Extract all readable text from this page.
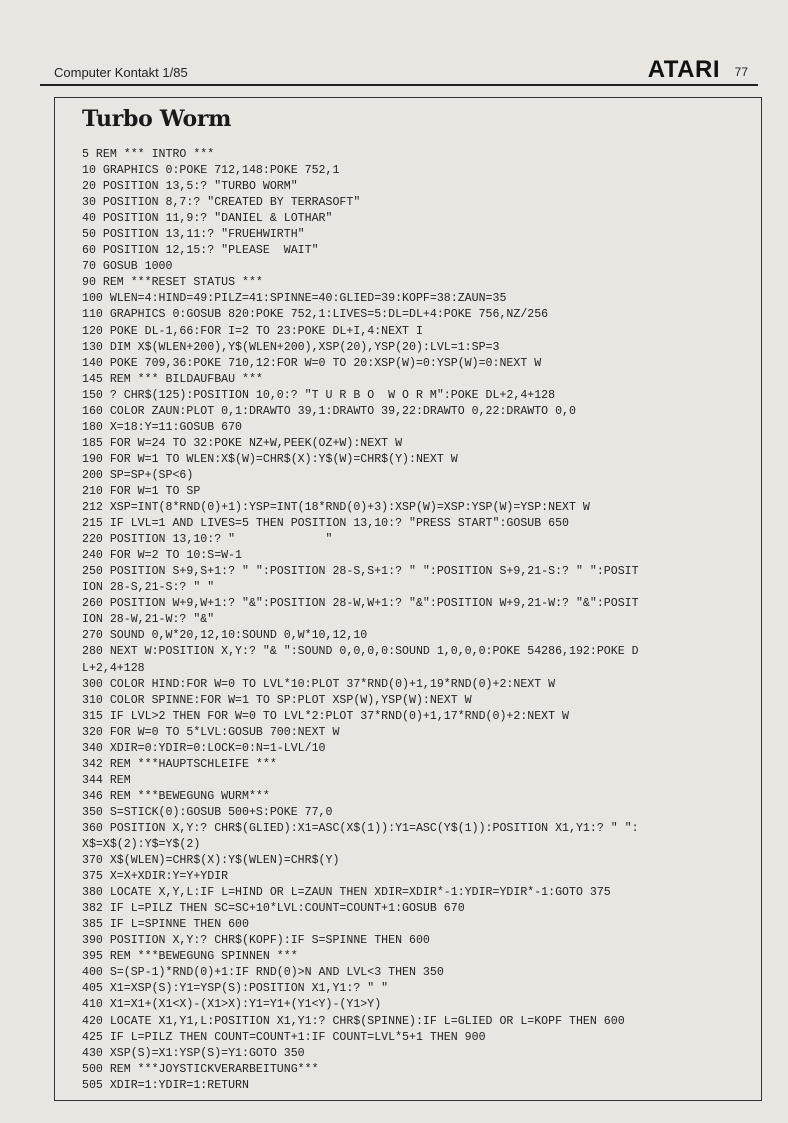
Computer Kontakt 1/85	ATARI 77
Turbo Worm
5 REM *** INTRO ***
10 GRAPHICS 0:POKE 712,148:POKE 752,1
20 POSITION 13,5:? "TURBO WORM"
30 POSITION 8,7:? "CREATED BY TERRASOFT"
40 POSITION 11,9:? "DANIEL & LOTHAR"
50 POSITION 13,11:? "FRUEHWIRTH"
60 POSITION 12,15:? "PLEASE  WAIT"
70 GOSUB 1000
90 REM ***RESET STATUS ***
100 WLEN=4:HIND=49:PILZ=41:SPINNE=40:GLIED=39:KOPF=38:ZAUN=35
110 GRAPHICS 0:GOSUB 820:POKE 752,1:LIVES=5:DL=DL+4:POKE 756,NZ/256
120 POKE DL-1,66:FOR I=2 TO 23:POKE DL+I,4:NEXT I
130 DIM X$(WLEN+200),Y$(WLEN+200),XSP(20),YSP(20):LVL=1:SP=3
140 POKE 709,36:POKE 710,12:FOR W=0 TO 20:XSP(W)=0:YSP(W)=0:NEXT W
145 REM *** BILDAUFBAU ***
150 ? CHR$(125):POSITION 10,0:? "T U R B O  W O R M":POKE DL+2,4+128
160 COLOR ZAUN:PLOT 0,1:DRAWTO 39,1:DRAWTO 39,22:DRAWTO 0,22:DRAWTO 0,0
180 X=18:Y=11:GOSUB 670
185 FOR W=24 TO 32:POKE NZ+W,PEEK(OZ+W):NEXT W
190 FOR W=1 TO WLEN:X$(W)=CHR$(X):Y$(W)=CHR$(Y):NEXT W
200 SP=SP+(SP<6)
210 FOR W=1 TO SP
212 XSP=INT(8*RND(0)+1):YSP=INT(18*RND(0)+3):XSP(W)=XSP:YSP(W)=YSP:NEXT W
215 IF LVL=1 AND LIVES=5 THEN POSITION 13,10:? "PRESS START":GOSUB 650
220 POSITION 13,10:? "             "
240 FOR W=2 TO 10:S=W-1
250 POSITION S+9,S+1:? " ":POSITION 28-S,S+1:? " ":POSITION S+9,21-S:? " ":POSIT
ION 28-S,21-S:? " "
260 POSITION W+9,W+1:? "&":POSITION 28-W,W+1:? "&":POSITION W+9,21-W:? "&":POSIT
ION 28-W,21-W:? "&"
270 SOUND 0,W*20,12,10:SOUND 0,W*10,12,10
280 NEXT W:POSITION X,Y:? "& ":SOUND 0,0,0,0:SOUND 1,0,0,0:POKE 54286,192:POKE D
L+2,4+128
300 COLOR HIND:FOR W=0 TO LVL*10:PLOT 37*RND(0)+1,19*RND(0)+2:NEXT W
310 COLOR SPINNE:FOR W=1 TO SP:PLOT XSP(W),YSP(W):NEXT W
315 IF LVL>2 THEN FOR W=0 TO LVL*2:PLOT 37*RND(0)+1,17*RND(0)+2:NEXT W
320 FOR W=0 TO 5*LVL:GOSUB 700:NEXT W
340 XDIR=0:YDIR=0:LOCK=0:N=1-LVL/10
342 REM ***HAUPTSCHLEIFE ***
344 REM
346 REM ***BEWEGUNG WURM***
350 S=STICK(0):GOSUB 500+S:POKE 77,0
360 POSITION X,Y:? CHR$(GLIED):X1=ASC(X$(1)):Y1=ASC(Y$(1)):POSITION X1,Y1:? " ":
X$=X$(2):Y$=Y$(2)
370 X$(WLEN)=CHR$(X):Y$(WLEN)=CHR$(Y)
375 X=X+XDIR:Y=Y+YDIR
380 LOCATE X,Y,L:IF L=HIND OR L=ZAUN THEN XDIR=XDIR*-1:YDIR=YDIR*-1:GOTO 375
382 IF L=PILZ THEN SC=SC+10*LVL:COUNT=COUNT+1:GOSUB 670
385 IF L=SPINNE THEN 600
390 POSITION X,Y:? CHR$(KOPF):IF S=SPINNE THEN 600
395 REM ***BEWEGUNG SPINNEN ***
400 S=(SP-1)*RND(0)+1:IF RND(0)>N AND LVL<3 THEN 350
405 X1=XSP(S):Y1=YSP(S):POSITION X1,Y1:? " "
410 X1=X1+(X1<X)-(X1>X):Y1=Y1+(Y1<Y)-(Y1>Y)
420 LOCATE X1,Y1,L:POSITION X1,Y1:? CHR$(SPINNE):IF L=GLIED OR L=KOPF THEN 600
425 IF L=PILZ THEN COUNT=COUNT+1:IF COUNT=LVL*5+1 THEN 900
430 XSP(S)=X1:YSP(S)=Y1:GOTO 350
500 REM ***JOYSTICKVERARBEITUNG***
505 XDIR=1:YDIR=1:RETURN
